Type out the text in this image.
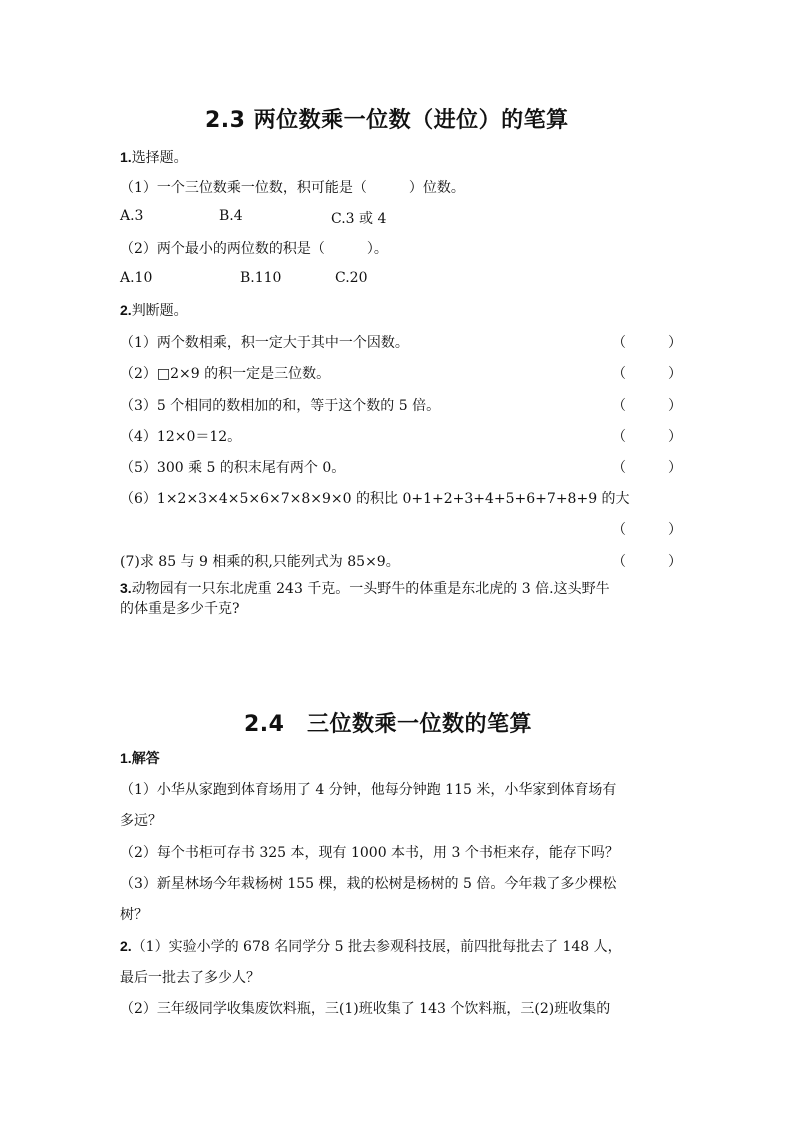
2.3 两位数乘一位数（进位）的笔算
1.选择题。
（1）一个三位数乘一位数，积可能是（　　　）位数。
A.3	B.4	C.3 或 4
（2）两个最小的两位数的积是（　　　）。
A.10	B.110	C.20
2.判断题。
（1）两个数相乘，积一定大于其中一个因数。	（　　　）
（2）□2×9 的积一定是三位数。	（　　　）
（3）5 个相同的数相加的和，等于这个数的 5 倍。	（　　　）
（4）12×0＝12。	（　　　）
（5）300 乘 5 的积末尾有两个 0。	（　　　）
（6）1×2×3×4×5×6×7×8×9×0 的积比 0+1+2+3+4+5+6+7+8+9 的大
（　　　）
(7)求 85 与 9 相乘的积,只能列式为 85×9。	（　　　）
3.动物园有一只东北虎重 243 千克。一头野牛的体重是东北虎的 3 倍.这头野牛
的体重是多少千克?
2.4　三位数乘一位数的笔算
1.解答
（1）小华从家跑到体育场用了 4 分钟，他每分钟跑 115 米，小华家到体育场有
多远？
（2）每个书柜可存书 325 本，现有 1000 本书，用 3 个书柜来存，能存下吗？
（3）新星林场今年栽杨树 155 棵，栽的松树是杨树的 5 倍。今年栽了多少棵松
树？
2.（1）实验小学的 678 名同学分 5 批去参观科技展，前四批每批去了 148 人，
最后一批去了多少人？
（2）三年级同学收集废饮料瓶，三(1)班收集了 143 个饮料瓶，三(2)班收集的
